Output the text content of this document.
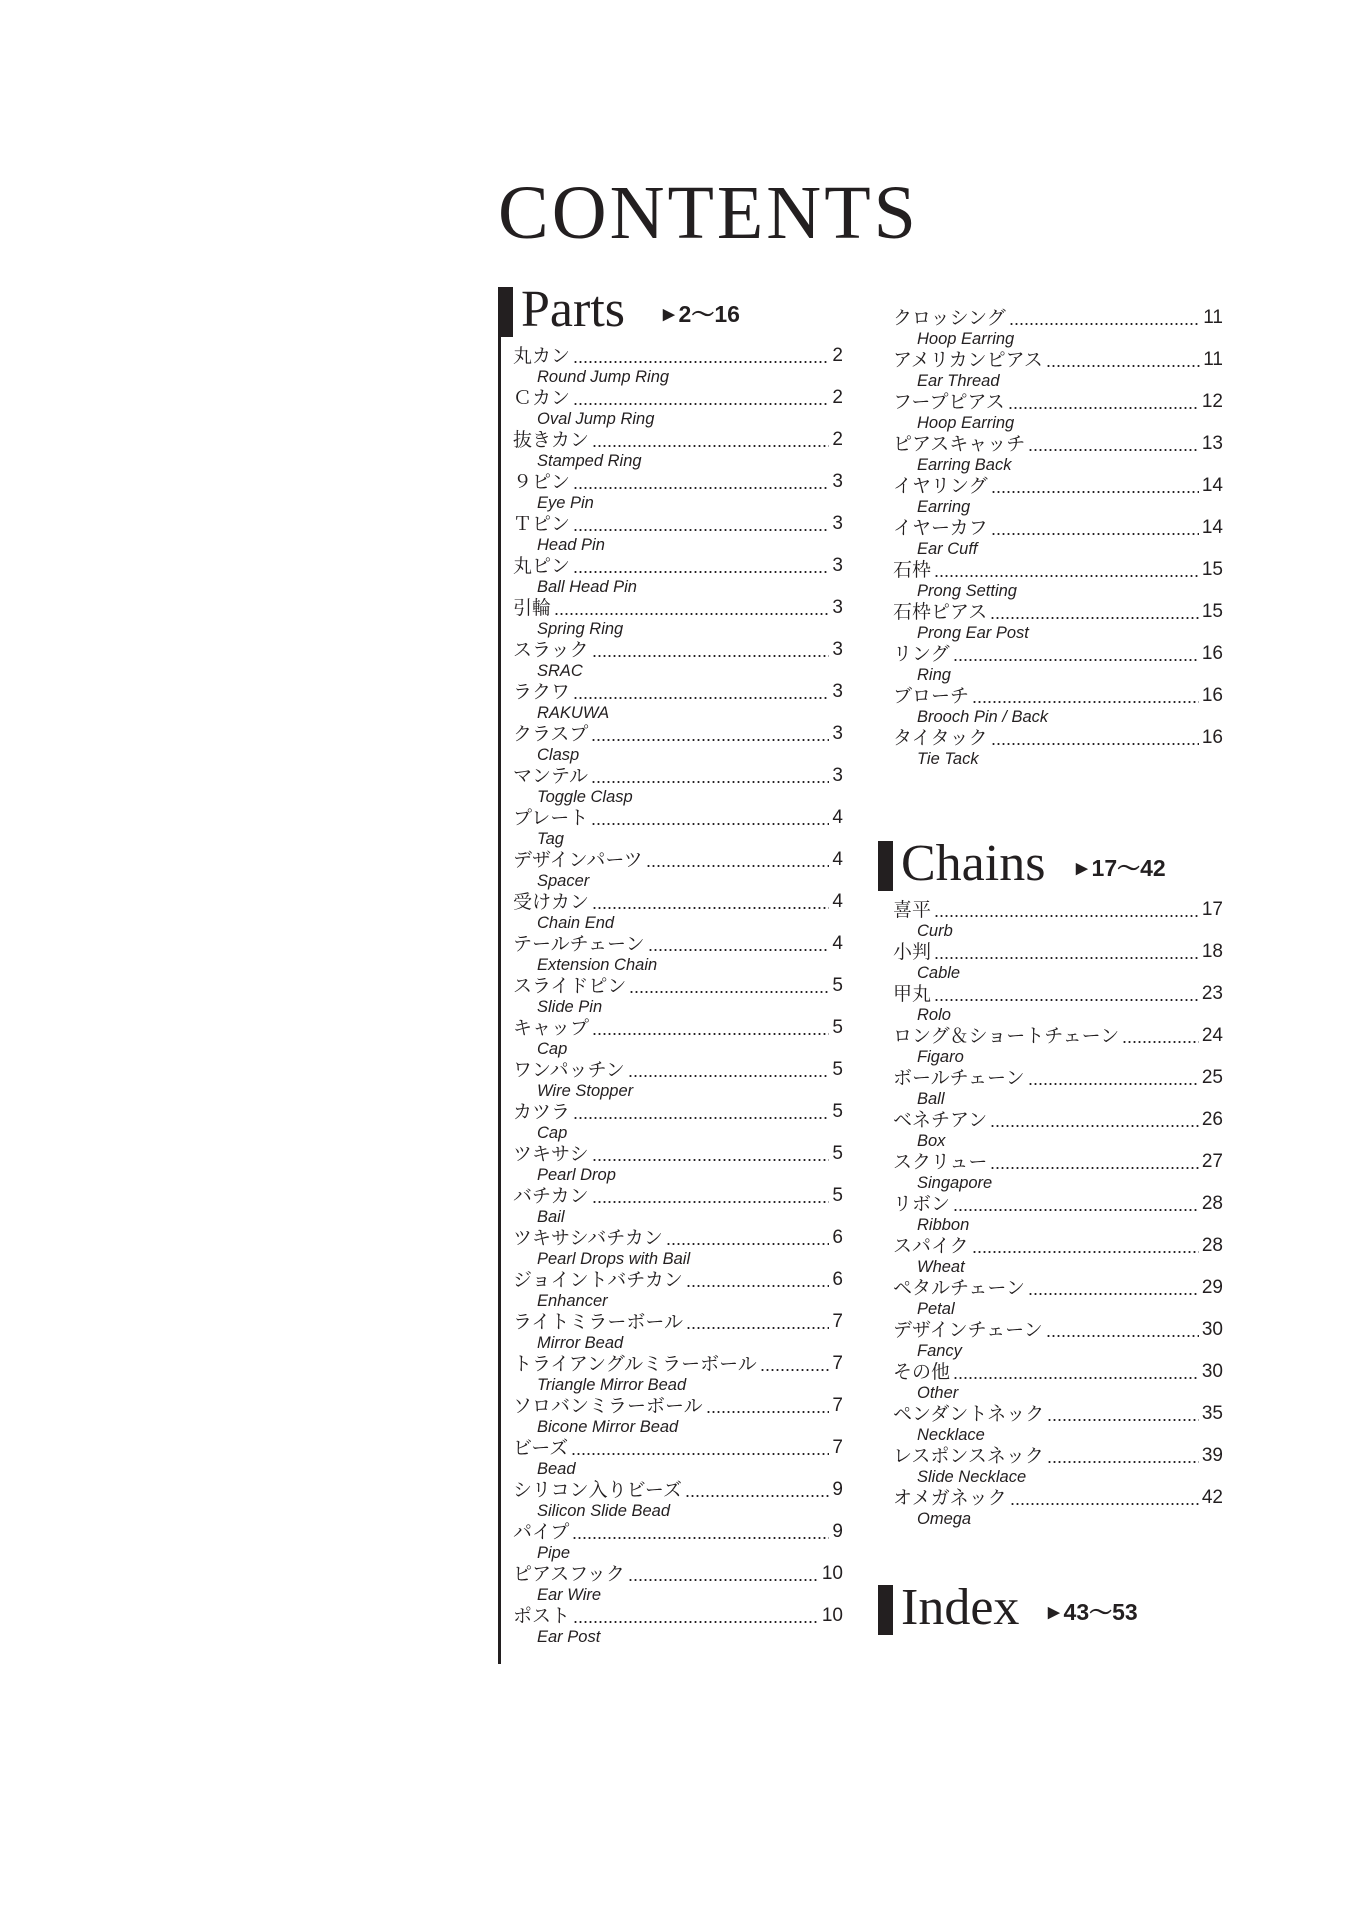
CONTENTS
Parts	▶ 2～16
丸カン	2
Round Jump Ring
Ｃカン	2
Oval Jump Ring
抜きカン	2
Stamped Ring
９ピン	3
Eye Pin
Ｔピン	3
Head Pin
丸ピン	3
Ball Head Pin
引輪	3
Spring Ring
スラック	3
SRAC
ラクワ	3
RAKUWA
クラスプ	3
Clasp
マンテル	3
Toggle Clasp
プレート	4
Tag
デザインパーツ	4
Spacer
受けカン	4
Chain End
テールチェーン	4
Extension Chain
スライドピン	5
Slide Pin
キャップ	5
Cap
ワンパッチン	5
Wire Stopper
カツラ	5
Cap
ツキサシ	5
Pearl Drop
バチカン	5
Bail
ツキサシバチカン	6
Pearl Drops with Bail
ジョイントバチカン	6
Enhancer
ライトミラーボール	7
Mirror Bead
トライアングルミラーボール	7
Triangle Mirror Bead
ソロバンミラーボール	7
Bicone Mirror Bead
ビーズ	7
Bead
シリコン入りビーズ	9
Silicon Slide Bead
パイプ	9
Pipe
ピアスフック	10
Ear Wire
ポスト	10
Ear Post
クロッシング	11
Hoop Earring
アメリカンピアス	11
Ear Thread
フープピアス	12
Hoop Earring
ピアスキャッチ	13
Earring Back
イヤリング	14
Earring
イヤーカフ	14
Ear Cuff
石枠	15
Prong Setting
石枠ピアス	15
Prong Ear Post
リング	16
Ring
ブローチ	16
Brooch Pin / Back
タイタック	16
Tie Tack
Chains ▶ 17～42
喜平	17
Curb
小判	18
Cable
甲丸	23
Rolo
ロング＆ショートチェーン	24
Figaro
ボールチェーン	25
Ball
ベネチアン	26
Box
スクリュー	27
Singapore
リボン	28
Ribbon
スパイク	28
Wheat
ペタルチェーン	29
Petal
デザインチェーン	30
Fancy
その他	30
Other
ペンダントネック	35
Necklace
レスポンスネック	39
Slide Necklace
オメガネック	42
Omega
Index ▶ 43～53
